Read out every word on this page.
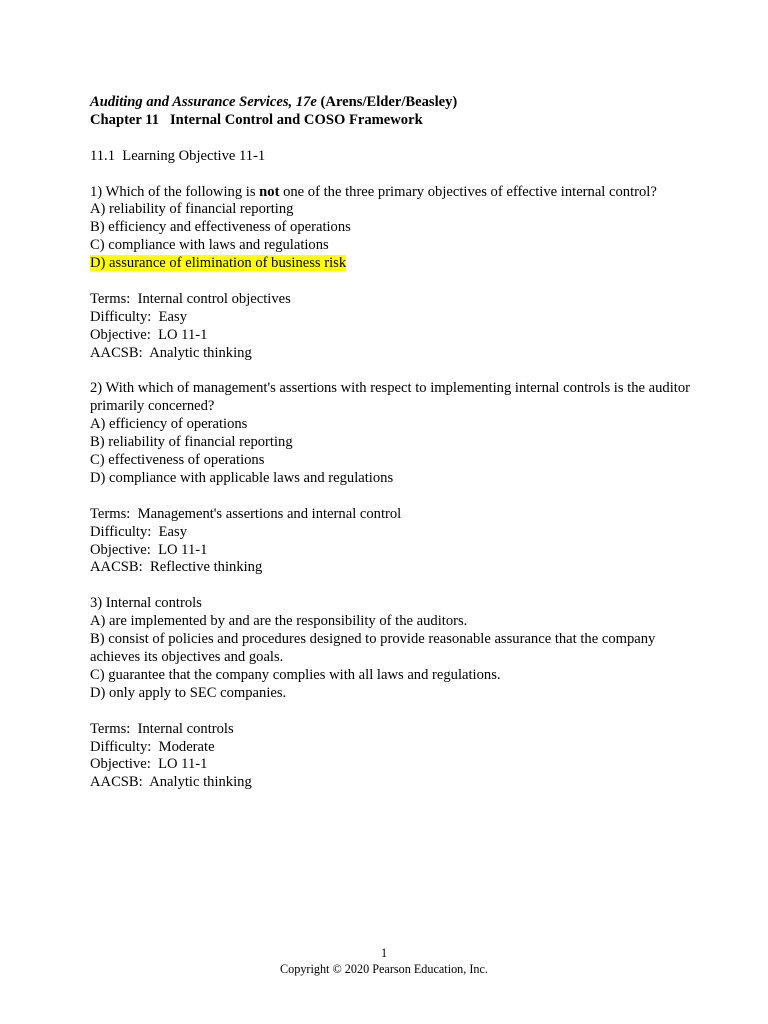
Auditing and Assurance Services, 17e (Arens/Elder/Beasley)
Chapter 11   Internal Control and COSO Framework
11.1  Learning Objective 11-1
1) Which of the following is not one of the three primary objectives of effective internal control?
A) reliability of financial reporting
B) efficiency and effectiveness of operations
C) compliance with laws and regulations
D) assurance of elimination of business risk
Terms:  Internal control objectives
Difficulty:  Easy
Objective:  LO 11-1
AACSB:  Analytic thinking
2) With which of management's assertions with respect to implementing internal controls is the auditor primarily concerned?
A) efficiency of operations
B) reliability of financial reporting
C) effectiveness of operations
D) compliance with applicable laws and regulations
Terms:  Management's assertions and internal control
Difficulty:  Easy
Objective:  LO 11-1
AACSB:  Reflective thinking
3) Internal controls
A) are implemented by and are the responsibility of the auditors.
B) consist of policies and procedures designed to provide reasonable assurance that the company achieves its objectives and goals.
C) guarantee that the company complies with all laws and regulations.
D) only apply to SEC companies.
Terms:  Internal controls
Difficulty:  Moderate
Objective:  LO 11-1
AACSB:  Analytic thinking
1
Copyright © 2020 Pearson Education, Inc.
